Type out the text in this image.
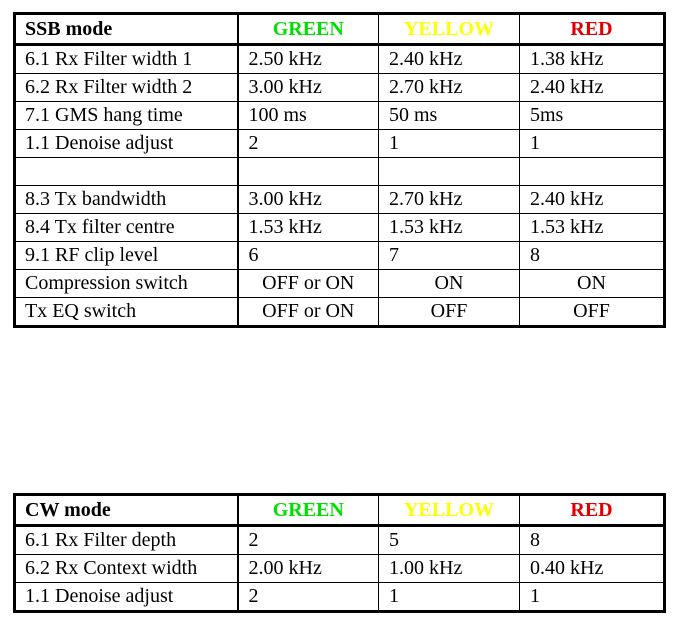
SSB mode	GREEN	YELLOW	RED
6.1 Rx Filter width 1	2.50 kHz	2.40 kHz	1.38 kHz
6.2 Rx Filter width 2	3.00 kHz	2.70 kHz	2.40 kHz
7.1 GMS hang time	100 ms	50 ms	5ms
1.1 Denoise adjust	2	1	1

8.3 Tx bandwidth	3.00 kHz	2.70 kHz	2.40 kHz
8.4 Tx filter centre	1.53 kHz	1.53 kHz	1.53 kHz
9.1 RF clip level	6	7	8
Compression switch	OFF or ON	ON	ON
Tx EQ switch	OFF or ON	OFF	OFF
CW mode	GREEN	YELLOW	RED
6.1 Rx Filter depth	2	5	8
6.2 Rx Context width	2.00 kHz	1.00 kHz	0.40 kHz
1.1 Denoise adjust	2	1	1
